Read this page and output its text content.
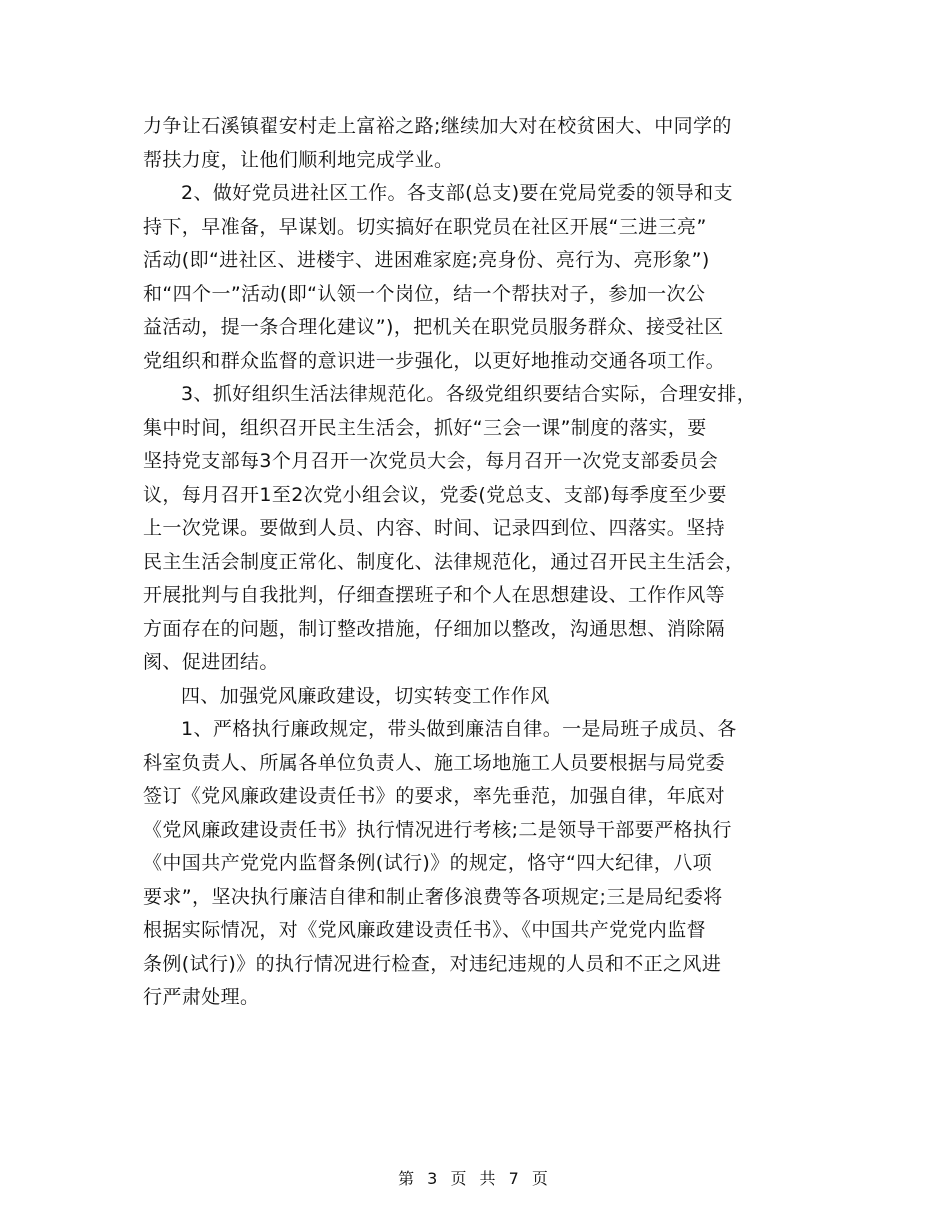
力争让石溪镇翟安村走上富裕之路;继续加大对在校贫困大、中同学的
帮扶力度，让他们顺利地完成学业。
2、做好党员进社区工作。各支部(总支)要在党局党委的领导和支
持下，早准备，早谋划。切实搞好在职党员在社区开展“三进三亮”
活动(即“进社区、进楼宇、进困难家庭;亮身份、亮行为、亮形象”)
和“四个一”活动(即“认领一个岗位，结一个帮扶对子，参加一次公
益活动，提一条合理化建议”)，把机关在职党员服务群众、接受社区
党组织和群众监督的意识进一步强化，以更好地推动交通各项工作。
3、抓好组织生活法律规范化。各级党组织要结合实际，合理安排，
集中时间，组织召开民主生活会，抓好“三会一课”制度的落实，要
坚持党支部每3个月召开一次党员大会，每月召开一次党支部委员会
议，每月召开1至2次党小组会议，党委(党总支、支部)每季度至少要
上一次党课。要做到人员、内容、时间、记录四到位、四落实。坚持
民主生活会制度正常化、制度化、法律规范化，通过召开民主生活会，
开展批判与自我批判，仔细查摆班子和个人在思想建设、工作作风等
方面存在的问题，制订整改措施，仔细加以整改，沟通思想、消除隔
阂、促进团结。
四、加强党风廉政建设，切实转变工作作风
1、严格执行廉政规定，带头做到廉洁自律。一是局班子成员、各
科室负责人、所属各单位负责人、施工场地施工人员要根据与局党委
签订《党风廉政建设责任书》的要求，率先垂范，加强自律，年底对
《党风廉政建设责任书》执行情况进行考核;二是领导干部要严格执行
《中国共产党党内监督条例(试行)》的规定，恪守“四大纪律，八项
要求”，坚决执行廉洁自律和制止奢侈浪费等各项规定;三是局纪委将
根据实际情况，对《党风廉政建设责任书》、《中国共产党党内监督
条例(试行)》的执行情况进行检查，对违纪违规的人员和不正之风进
行严肃处理。
第 3 页 共 7 页
